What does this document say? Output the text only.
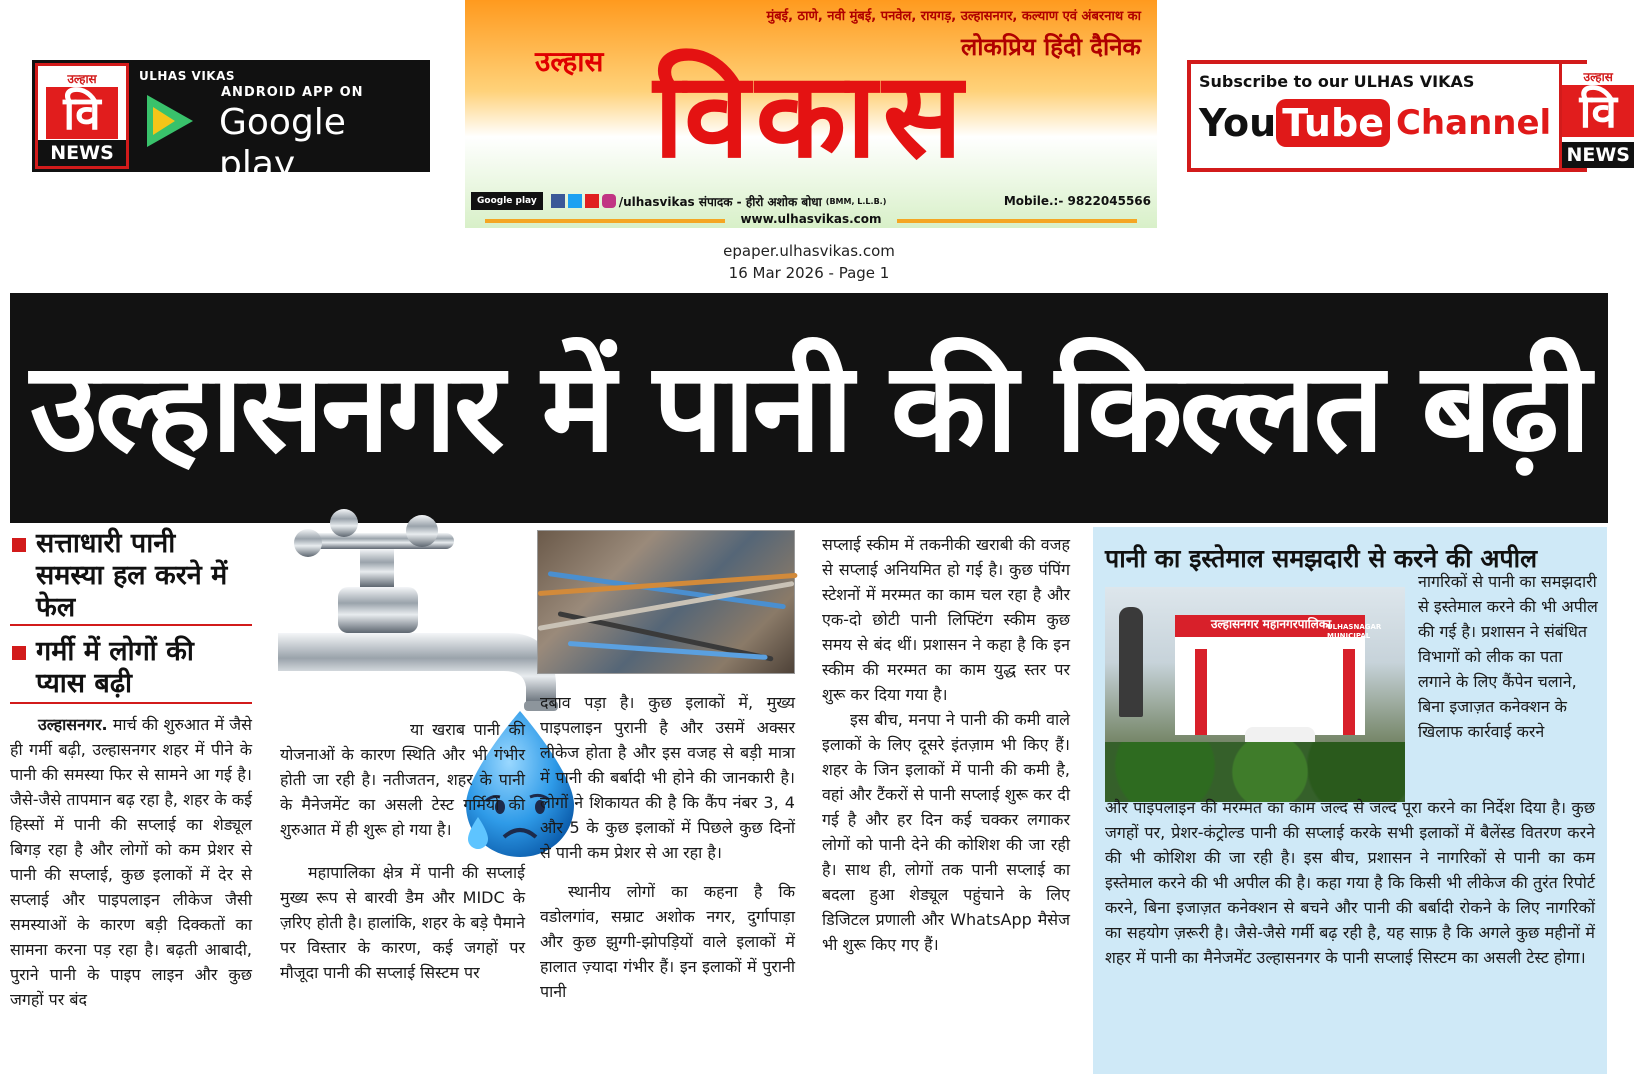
उल्हास
वि
NEWS
ULHAS VIKAS
ANDROID APP ON
Google play
Install now
मुंबई, ठाणे, नवी मुंबई, पनवेल, रायगड़, उल्हासनगर, कल्याण एवं अंबरनाथ का
लोकप्रिय हिंदी दैनिक
विकास
उल्हास
Google play	/ulhasvikas संपादक - हीरो अशोक बोधा (BMM, L.L.B.)	Mobile.:- 9822045566
www.ulhasvikas.com
Subscribe to our ULHAS VIKAS
You Tube Channel
उल्हास
वि
NEWS
epaper.ulhasvikas.com
16 Mar 2026 - Page 1
उल्हासनगर में पानी की किल्लत बढ़ी
सत्ताधारी पानी समस्या हल करने में फेल
गर्मी में लोगों की प्यास बढ़ी

उल्हासनगर. मार्च की शुरुआत में जैसे ही गर्मी बढ़ी, उल्हासनगर शहर में पीने के पानी की समस्या फिर से सामने आ गई है। जैसे-जैसे तापमान बढ़ रहा है, शहर के कई हिस्सों में पानी की सप्लाई का शेड्यूल बिगड़ रहा है और लोगों को कम प्रेशर से पानी की सप्लाई, कुछ इलाकों में देर से सप्लाई और पाइपलाइन लीकेज जैसी समस्याओं के कारण बड़ी दिक्कतों का सामना करना पड़ रहा है। बढ़ती आबादी, पुराने पानी के पाइप लाइन और कुछ जगहों पर बंद

या खराब पानी की योजनाओं के कारण स्थिति और भी गंभीर होती जा रही है। नतीजतन, शहर के पानी के मैनेजमेंट का असली टेस्ट गर्मियों की शुरुआत में ही शुरू हो गया है।

महापालिका क्षेत्र में पानी की सप्लाई मुख्य रूप से बारवी डैम और MIDC के ज़रिए होती है। हालांकि, शहर के बड़े पैमाने पर विस्तार के कारण, कई जगहों पर मौजूदा पानी की सप्लाई सिस्टम पर

दबाव पड़ा है। कुछ इलाकों में, मुख्य पाइपलाइन पुरानी है और उसमें अक्सर लीकेज होता है और इस वजह से बड़ी मात्रा में पानी की बर्बादी भी होने की जानकारी है। लोगों ने शिकायत की है कि कैंप नंबर 3, 4 और 5 के कुछ इलाकों में पिछले कुछ दिनों से पानी कम प्रेशर से आ रहा है।

स्थानीय लोगों का कहना है कि वडोलगांव, सम्राट अशोक नगर, दुर्गापाड़ा और कुछ झुग्गी-झोपड़ियों वाले इलाकों में हालात ज़्यादा गंभीर हैं। इन इलाकों में पुरानी पानी

सप्लाई स्कीम में तकनीकी खराबी की वजह से सप्लाई अनियमित हो गई है। कुछ पंपिंग स्टेशनों में मरम्मत का काम चल रहा है और एक-दो छोटी पानी लिफ्टिंग स्कीम कुछ समय से बंद थीं। प्रशासन ने कहा है कि इन स्कीम की मरम्मत का काम युद्ध स्तर पर शुरू कर दिया गया है।

इस बीच, मनपा ने पानी की कमी वाले इलाकों के लिए दूसरे इंतज़ाम भी किए हैं। शहर के जिन इलाकों में पानी की कमी है, वहां और टैंकरों से पानी सप्लाई शुरू कर दी गई है और हर दिन कई चक्कर लगाकर लोगों को पानी देने की कोशिश की जा रही है। साथ ही, लोगों तक पानी सप्लाई का बदला हुआ शेड्यूल पहुंचाने के लिए डिजिटल प्रणाली और WhatsApp मैसेज भी शुरू किए गए हैं।

पानी का इस्तेमाल समझदारी से करने की अपील
उल्हासनगर महानगरपालिका
ULHASNAGAR MUNICIPAL CORP.
नागरिकों से पानी का समझदारी से इस्तेमाल करने की भी अपील की गई है। प्रशासन ने संबंधित विभागों को लीक का पता लगाने के लिए कैंपेन चलाने, बिना इजाज़त कनेक्शन के खिलाफ कार्रवाई करने
और पाइपलाइन की मरम्मत का काम जल्द से जल्द पूरा करने का निर्देश दिया है। कुछ जगहों पर, प्रेशर-कंट्रोल्ड पानी की सप्लाई करके सभी इलाकों में बैलेंस्ड वितरण करने की भी कोशिश की जा रही है। इस बीच, प्रशासन ने नागरिकों से पानी का कम इस्तेमाल करने की भी अपील की है। कहा गया है कि किसी भी लीकेज की तुरंत रिपोर्ट करने, बिना इजाज़त कनेक्शन से बचने और पानी की बर्बादी रोकने के लिए नागरिकों का सहयोग ज़रूरी है। जैसे-जैसे गर्मी बढ़ रही है, यह साफ़ है कि अगले कुछ महीनों में शहर में पानी का मैनेजमेंट उल्हासनगर के पानी सप्लाई सिस्टम का असली टेस्ट होगा।
